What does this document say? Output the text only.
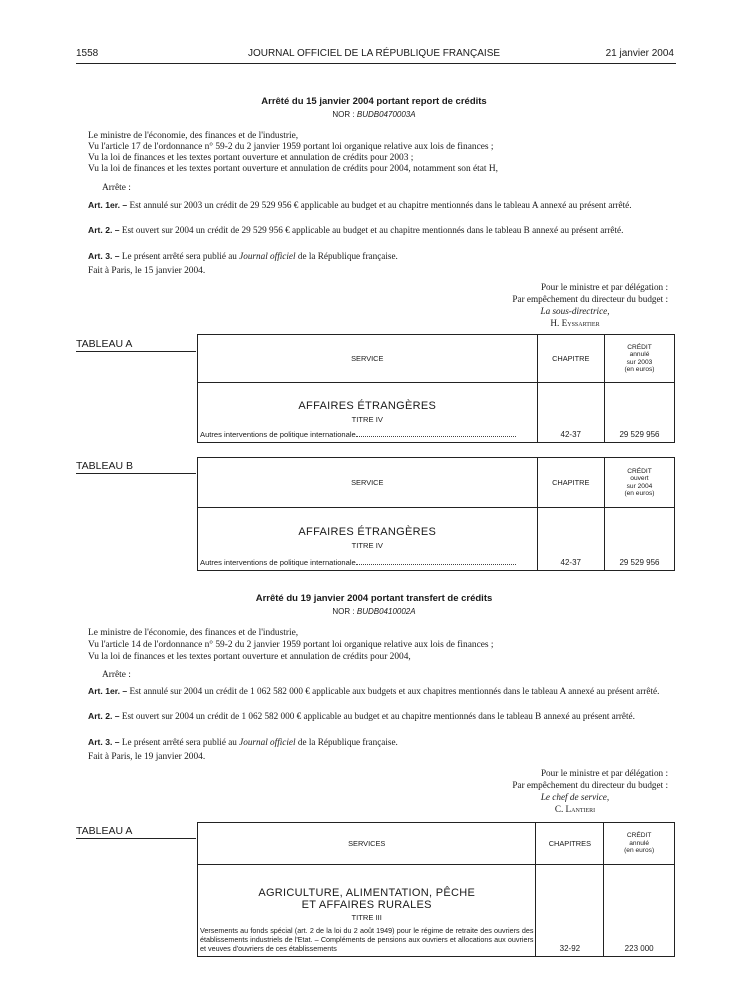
1558	JOURNAL OFFICIEL DE LA RÉPUBLIQUE FRANÇAISE	21 janvier 2004
Arrêté du 15 janvier 2004 portant report de crédits
NOR : BUDB0470003A
Le ministre de l'économie, des finances et de l'industrie,
Vu l'article 17 de l'ordonnance n° 59-2 du 2 janvier 1959 portant loi organique relative aux lois de finances ;
Vu la loi de finances et les textes portant ouverture et annulation de crédits pour 2003 ;
Vu la loi de finances et les textes portant ouverture et annulation de crédits pour 2004, notamment son état H,
Arrête :
Art. 1er. – Est annulé sur 2003 un crédit de 29 529 956 € applicable au budget et au chapitre mentionnés dans le tableau A annexé au présent arrêté.
Art. 2. – Est ouvert sur 2004 un crédit de 29 529 956 € applicable au budget et au chapitre mentionnés dans le tableau B annexé au présent arrêté.
Art. 3. – Le présent arrêté sera publié au Journal officiel de la République française.
Fait à Paris, le 15 janvier 2004.
Pour le ministre et par délégation :
Par empêchement du directeur du budget :
La sous-directrice,
H. Eyssartier
TABLEAU A
SERVICE	CHAPITRE	CRÉDIT
annulé
sur 2003
(en euros)

AFFAIRES ÉTRANGÈRES
TITRE IV
Autres interventions de politique internationale	42-37	29 529 956
TABLEAU B
SERVICE	CHAPITRE	CRÉDIT
ouvert
sur 2004
(en euros)

AFFAIRES ÉTRANGÈRES
TITRE IV
Autres interventions de politique internationale	42-37	29 529 956
Arrêté du 19 janvier 2004 portant transfert de crédits
NOR : BUDB0410002A
Le ministre de l'économie, des finances et de l'industrie,
Vu l'article 14 de l'ordonnance n° 59-2 du 2 janvier 1959 portant loi organique relative aux lois de finances ;
Vu la loi de finances et les textes portant ouverture et annulation de crédits pour 2004,
Arrête :
Art. 1er. – Est annulé sur 2004 un crédit de 1 062 582 000 € applicable aux budgets et aux chapitres mentionnés dans le tableau A annexé au présent arrêté.
Art. 2. – Est ouvert sur 2004 un crédit de 1 062 582 000 € applicable au budget et au chapitre mentionnés dans le tableau B annexé au présent arrêté.
Art. 3. – Le présent arrêté sera publié au Journal officiel de la République française.
Fait à Paris, le 19 janvier 2004.
Pour le ministre et par délégation :
Par empêchement du directeur du budget :
Le chef de service,
C. Lantieri
TABLEAU A
SERVICES	CHAPITRES	CRÉDIT
annulé
(en euros)

AGRICULTURE, ALIMENTATION, PÊCHE
ET AFFAIRES RURALES
TITRE III
Versements au fonds spécial (art. 2 de la loi du 2 août 1949) pour le régime de retraite des ouvriers des établissements industriels de l'Etat. – Compléments de pensions aux ouvriers et allocations aux ouvriers et veuves d'ouvriers de ces établissements	32-92	223 000
